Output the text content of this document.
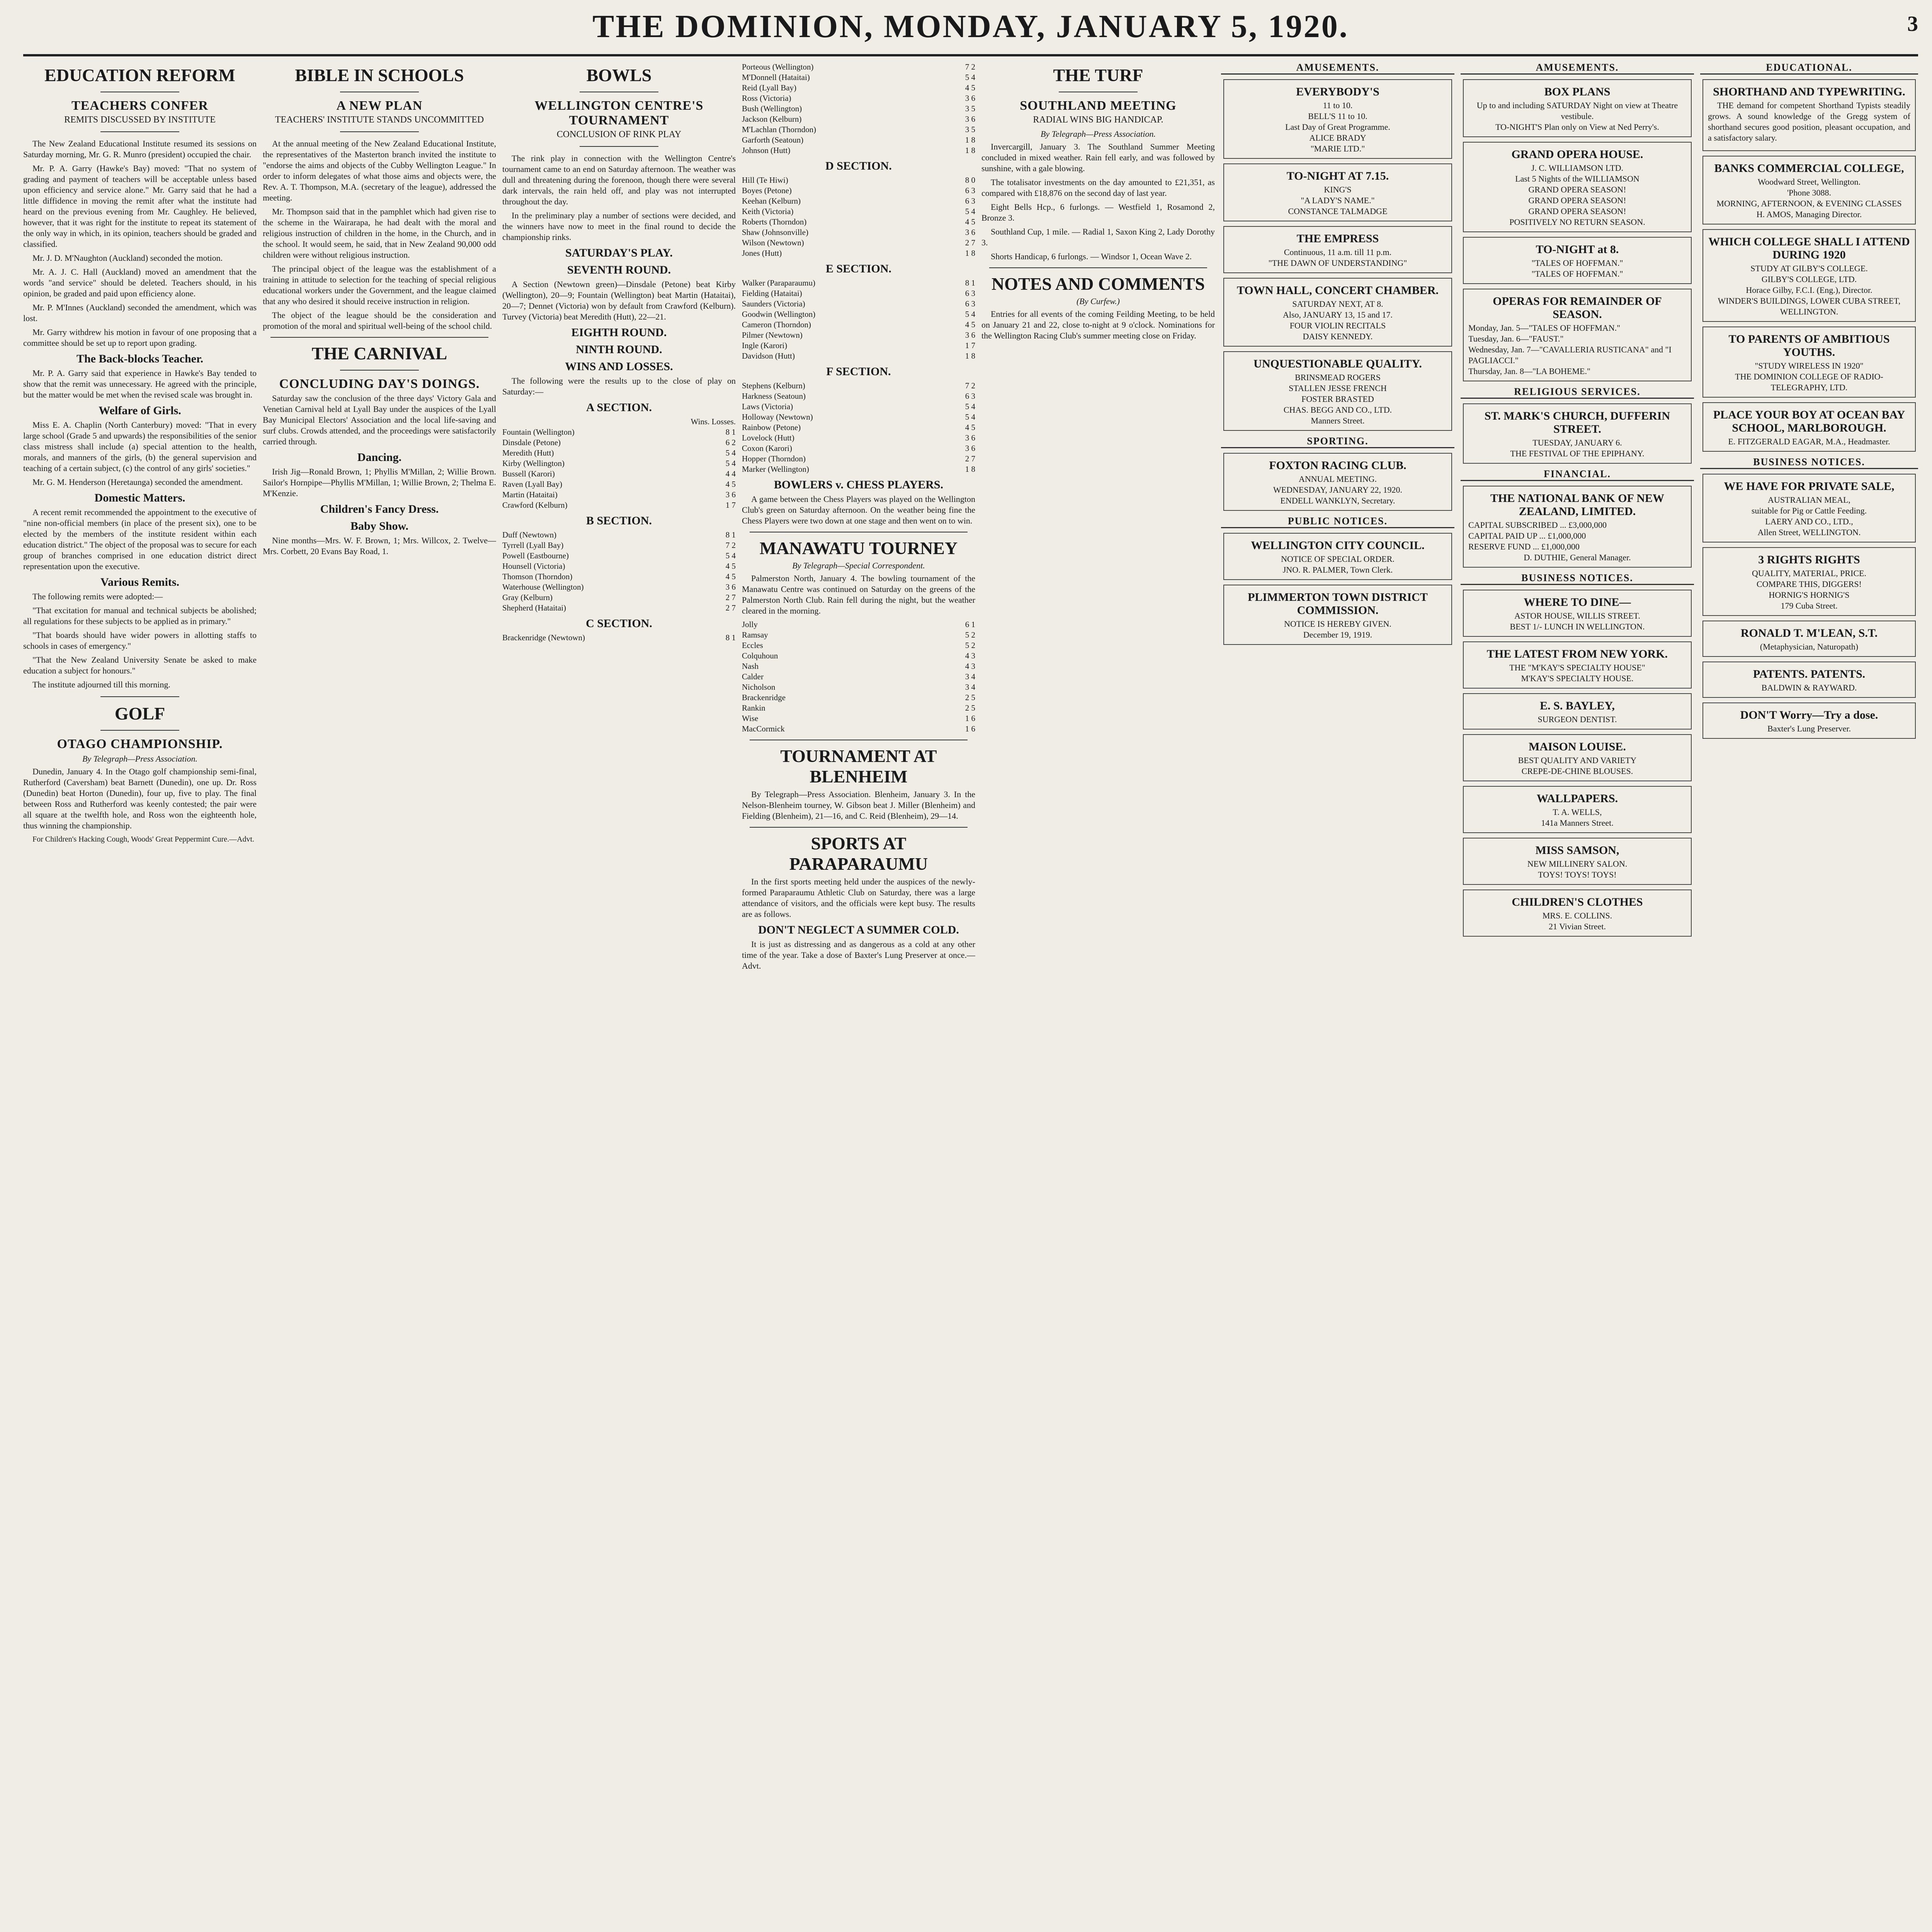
THE DOMINION, MONDAY, JANUARY 5, 1920.	3
EDUCATION REFORM
TEACHERS CONFER
REMITS DISCUSSED BY INSTITUTE

The New Zealand Educational Institute resumed its sessions on Saturday morning, Mr. G. R. Munro (president) occupied the chair.

Mr. P. A. Garry (Hawke's Bay) moved: "That no system of grading and payment of teachers will be acceptable unless based upon efficiency and service alone." Mr. Garry said that he had a little diffidence in moving the remit after what the institute had heard on the previous evening from Mr. Caughley. He believed, however, that it was right for the institute to repeat its statement of the only way in which, in its opinion, teachers should be graded and classified.

Mr. J. D. M'Naughton (Auckland) seconded the motion.

Mr. A. J. C. Hall (Auckland) moved an amendment that the words "and service" should be deleted. Teachers should, in his opinion, be graded and paid upon efficiency alone.

Mr. P. M'Innes (Auckland) seconded the amendment, which was lost.

Mr. Garry withdrew his motion in favour of one proposing that a committee should be set up to report upon grading.

The Back-blocks Teacher.

Mr. P. A. Garry said that experience in Hawke's Bay tended to show that the remit was unnecessary. He agreed with the principle, but the matter would be met when the revised scale was brought in.

Welfare of Girls.

Miss E. A. Chaplin (North Canterbury) moved: "That in every large school (Grade 5 and upwards) the responsibilities of the senior class mistress shall include (a) special attention to the health, morals, and manners of the girls, (b) the general supervision and teaching of a certain subject, (c) the control of any girls' societies."

Mr. G. M. Henderson (Heretaunga) seconded the amendment.

Domestic Matters.

A recent remit recommended the appointment to the executive of "nine non-official members (in place of the present six), one to be elected by the members of the institute resident within each education district." The object of the proposal was to secure for each group of branches comprised in one education district direct representation upon the executive.

Various Remits.

The following remits were adopted:—

"That excitation for manual and technical subjects be abolished; all regulations for these subjects to be applied as in primary."

"That boards should have wider powers in allotting staffs to schools in cases of emergency."

"That the New Zealand University Senate be asked to make education a subject for honours."

The institute adjourned till this morning.

GOLF
OTAGO CHAMPIONSHIP.
By Telegraph—Press Association.

Dunedin, January 4. In the Otago golf championship semi-final, Rutherford (Caversham) beat Barnett (Dunedin), one up. Dr. Ross (Dunedin) beat Horton (Dunedin), four up, five to play. The final between Ross and Rutherford was keenly contested; the pair were all square at the twelfth hole, and Ross won the eighteenth hole, thus winning the championship.

For Children's Hacking Cough, Woods' Great Peppermint Cure.—Advt.

BIBLE IN SCHOOLS
A NEW PLAN
TEACHERS' INSTITUTE STANDS UNCOMMITTED

At the annual meeting of the New Zealand Educational Institute, the representatives of the Masterton branch invited the institute to "endorse the aims and objects of the Cubby Wellington League." In order to inform delegates of what those aims and objects were, the Rev. A. T. Thompson, M.A. (secretary of the league), addressed the meeting.

Mr. Thompson said that in the pamphlet which had given rise to the scheme in the Wairarapa, he had dealt with the moral and religious instruction of children in the home, in the Church, and in the school. It would seem, he said, that in New Zealand 90,000 odd children were without religious instruction.

The principal object of the league was the establishment of a training in attitude to selection for the teaching of special religious educational workers under the Government, and the league claimed that any who desired it should receive instruction in religion.

The object of the league should be the consideration and promotion of the moral and spiritual well-being of the school child.

THE CARNIVAL
CONCLUDING DAY'S DOINGS.

Saturday saw the conclusion of the three days' Victory Gala and Venetian Carnival held at Lyall Bay under the auspices of the Lyall Bay Municipal Electors' Association and the local life-saving and surf clubs. Crowds attended, and the proceedings were satisfactorily carried through.

Dancing.

Irish Jig—Ronald Brown, 1; Phyllis M'Millan, 2; Willie Brown. Sailor's Hornpipe—Phyllis M'Millan, 1; Willie Brown, 2; Thelma E. M'Kenzie.

Children's Fancy Dress.
Baby Show.

Nine months—Mrs. W. F. Brown, 1; Mrs. Willcox, 2. Twelve—Mrs. Corbett, 20 Evans Bay Road, 1.

BOWLS
WELLINGTON CENTRE'S TOURNAMENT
CONCLUSION OF RINK PLAY

The rink play in connection with the Wellington Centre's tournament came to an end on Saturday afternoon. The weather was dull and threatening during the forenoon, though there were several dark intervals, the rain held off, and play was not interrupted throughout the day.

In the preliminary play a number of sections were decided, and the winners have now to meet in the final round to decide the championship rinks.

SATURDAY'S PLAY.
SEVENTH ROUND.

A Section (Newtown green)—Dinsdale (Petone) beat Kirby (Wellington), 20—9; Fountain (Wellington) beat Martin (Hataitai), 20—7; Dennet (Victoria) won by default from Crawford (Kelburn). Turvey (Victoria) beat Meredith (Hutt), 22—21.

EIGHTH ROUND.
NINTH ROUND.
WINS AND LOSSES.

The following were the results up to the close of play on Saturday:—

A SECTION.
Wins. Losses.
Fountain (Wellington)	8 1
Dinsdale (Petone)	6 2
Meredith (Hutt)	5 4
Kirby (Wellington)	5 4
Bussell (Karori)	4 4
Raven (Lyall Bay)	4 5
Martin (Hataitai)	3 6
Crawford (Kelburn)	1 7
B SECTION.
Duff (Newtown)	8 1
Tyrrell (Lyall Bay)	7 2
Powell (Eastbourne)	5 4
Hounsell (Victoria)	4 5
Thomson (Thorndon)	4 5
Waterhouse (Wellington)	3 6
Gray (Kelburn)	2 7
Shepherd (Hataitai)	2 7
C SECTION.
Brackenridge (Newtown)	8 1
Porteous (Wellington)	7 2
M'Donnell (Hataitai)	5 4
Reid (Lyall Bay)	4 5
Ross (Victoria)	3 6
Bush (Wellington)	3 5
Jackson (Kelburn)	3 6
M'Lachlan (Thorndon)	3 5
Garforth (Seatoun)	1 8
Johnson (Hutt)	1 8
D SECTION.
Hill (Te Hiwi)	8 0
Boyes (Petone)	6 3
Keehan (Kelburn)	6 3
Keith (Victoria)	5 4
Roberts (Thorndon)	4 5
Shaw (Johnsonville)	3 6
Wilson (Newtown)	2 7
Jones (Hutt)	1 8
E SECTION.
Walker (Paraparaumu)	8 1
Fielding (Hataitai)	6 3
Saunders (Victoria)	6 3
Goodwin (Wellington)	5 4
Cameron (Thorndon)	4 5
Pilmer (Newtown)	3 6
Ingle (Karori)	1 7
Davidson (Hutt)	1 8
F SECTION.
Stephens (Kelburn)	7 2
Harkness (Seatoun)	6 3
Laws (Victoria)	5 4
Holloway (Newtown)	5 4
Rainbow (Petone)	4 5
Lovelock (Hutt)	3 6
Coxon (Karori)	3 6
Hopper (Thorndon)	2 7
Marker (Wellington)	1 8
BOWLERS v. CHESS PLAYERS.

A game between the Chess Players was played on the Wellington Club's green on Saturday afternoon. On the weather being fine the Chess Players were two down at one stage and then went on to win.

MANAWATU TOURNEY
By Telegraph—Special Correspondent.

Palmerston North, January 4. The bowling tournament of the Manawatu Centre was continued on Saturday on the greens of the Palmerston North Club. Rain fell during the night, but the weather cleared in the morning.

Jolly	6 1
Ramsay	5 2
Eccles	5 2
Colquhoun	4 3
Nash	4 3
Calder	3 4
Nicholson	3 4
Brackenridge	2 5
Rankin	2 5
Wise	1 6
MacCormick	1 6
TOURNAMENT AT BLENHEIM

By Telegraph—Press Association. Blenheim, January 3. In the Nelson-Blenheim tourney, W. Gibson beat J. Miller (Blenheim) and Fielding (Blenheim), 21—16, and C. Reid (Blenheim), 29—14.

SPORTS AT PARAPARAUMU

In the first sports meeting held under the auspices of the newly-formed Paraparaumu Athletic Club on Saturday, there was a large attendance of visitors, and the officials were kept busy. The results are as follows.

DON'T NEGLECT A SUMMER COLD.

It is just as distressing and as dangerous as a cold at any other time of the year. Take a dose of Baxter's Lung Preserver at once.—Advt.

THE TURF
SOUTHLAND MEETING
RADIAL WINS BIG HANDICAP.
By Telegraph—Press Association.

Invercargill, January 3. The Southland Summer Meeting concluded in mixed weather. Rain fell early, and was followed by sunshine, with a gale blowing.

The totalisator investments on the day amounted to £21,351, as compared with £18,876 on the second day of last year.

Eight Bells Hcp., 6 furlongs. — Westfield 1, Rosamond 2, Bronze 3.

Southland Cup, 1 mile. — Radial 1, Saxon King 2, Lady Dorothy 3.

Shorts Handicap, 6 furlongs. — Windsor 1, Ocean Wave 2.

NOTES AND COMMENTS
(By Curfew.)

Entries for all events of the coming Feilding Meeting, to be held on January 21 and 22, close to-night at 9 o'clock. Nominations for the Wellington Racing Club's summer meeting close on Friday.

AMUSEMENTS.
EVERYBODY'S
11 to 10.
BELL'S 11 to 10.
Last Day of Great Programme.
ALICE BRADY
"MARIE LTD."
TO-NIGHT AT 7.15.
KING'S
"A LADY'S NAME."
CONSTANCE TALMADGE
THE EMPRESS
Continuous, 11 a.m. till 11 p.m.
"THE DAWN OF UNDERSTANDING"
TOWN HALL, CONCERT CHAMBER.
SATURDAY NEXT, AT 8.
Also, JANUARY 13, 15 and 17.
FOUR VIOLIN RECITALS
DAISY KENNEDY.
UNQUESTIONABLE QUALITY.
BRINSMEAD ROGERS
STALLEN JESSE FRENCH
FOSTER BRASTED
CHAS. BEGG AND CO., LTD.
Manners Street.
SPORTING.
FOXTON RACING CLUB.
ANNUAL MEETING.
WEDNESDAY, JANUARY 22, 1920.
ENDELL WANKLYN, Secretary.
PUBLIC NOTICES.
WELLINGTON CITY COUNCIL.
NOTICE OF SPECIAL ORDER.
JNO. R. PALMER, Town Clerk.
PLIMMERTON TOWN DISTRICT COMMISSION.
NOTICE IS HEREBY GIVEN.
December 19, 1919.
AMUSEMENTS.
BOX PLANS
Up to and including SATURDAY Night on view at Theatre vestibule.
TO-NIGHT'S Plan only on View at Ned Perry's.
GRAND OPERA HOUSE.
J. C. WILLIAMSON LTD.
Last 5 Nights of the WILLIAMSON
GRAND OPERA SEASON!
GRAND OPERA SEASON!
GRAND OPERA SEASON!
POSITIVELY NO RETURN SEASON.
TO-NIGHT at 8.
"TALES OF HOFFMAN."
"TALES OF HOFFMAN."
OPERAS FOR REMAINDER OF SEASON.
Monday, Jan. 5—"TALES OF HOFFMAN."
Tuesday, Jan. 6—"FAUST."
Wednesday, Jan. 7—"CAVALLERIA RUSTICANA" and "I PAGLIACCI."
Thursday, Jan. 8—"LA BOHEME."
RELIGIOUS SERVICES.
ST. MARK'S CHURCH, DUFFERIN STREET.
TUESDAY, JANUARY 6.
THE FESTIVAL OF THE EPIPHANY.
FINANCIAL.
THE NATIONAL BANK OF NEW ZEALAND, LIMITED.
CAPITAL SUBSCRIBED ... £3,000,000
CAPITAL PAID UP ... £1,000,000
RESERVE FUND ... £1,000,000
D. DUTHIE, General Manager.
BUSINESS NOTICES.
WHERE TO DINE—
ASTOR HOUSE, WILLIS STREET.
BEST 1/- LUNCH IN WELLINGTON.
THE LATEST FROM NEW YORK.
THE "M'KAY'S SPECIALTY HOUSE"
M'KAY'S SPECIALTY HOUSE.
E. S. BAYLEY,
SURGEON DENTIST.
MAISON LOUISE.
BEST QUALITY AND VARIETY
CREPE-DE-CHINE BLOUSES.
WALLPAPERS.
T. A. WELLS,
141a Manners Street.
MISS SAMSON,
NEW MILLINERY SALON.
TOYS! TOYS! TOYS!
CHILDREN'S CLOTHES
MRS. E. COLLINS.
21 Vivian Street.
EDUCATIONAL.
SHORTHAND AND TYPEWRITING.

THE demand for competent Shorthand Typists steadily grows. A sound knowledge of the Gregg system of shorthand secures good position, pleasant occupation, and a satisfactory salary.

BANKS COMMERCIAL COLLEGE,
Woodward Street, Wellington.
'Phone 3088.
MORNING, AFTERNOON, & EVENING CLASSES
H. AMOS, Managing Director.
WHICH COLLEGE SHALL I ATTEND DURING 1920
STUDY AT GILBY'S COLLEGE.
GILBY'S COLLEGE, LTD.
Horace Gilby, F.C.I. (Eng.), Director.
WINDER'S BUILDINGS, LOWER CUBA STREET, WELLINGTON.
TO PARENTS OF AMBITIOUS YOUTHS.
"STUDY WIRELESS IN 1920"
THE DOMINION COLLEGE OF RADIO-TELEGRAPHY, LTD.
PLACE YOUR BOY AT OCEAN BAY SCHOOL, MARLBOROUGH.
E. FITZGERALD EAGAR, M.A., Headmaster.
BUSINESS NOTICES.
WE HAVE FOR PRIVATE SALE,
AUSTRALIAN MEAL,
suitable for Pig or Cattle Feeding.
LAERY AND CO., LTD.,
Allen Street, WELLINGTON.
3 RIGHTS RIGHTS
QUALITY, MATERIAL, PRICE.
COMPARE THIS, DIGGERS!
HORNIG'S HORNIG'S
179 Cuba Street.
RONALD T. M'LEAN, S.T.
(Metaphysician, Naturopath)
PATENTS. PATENTS.
BALDWIN & RAYWARD.
DON'T Worry—Try a dose.
Baxter's Lung Preserver.
